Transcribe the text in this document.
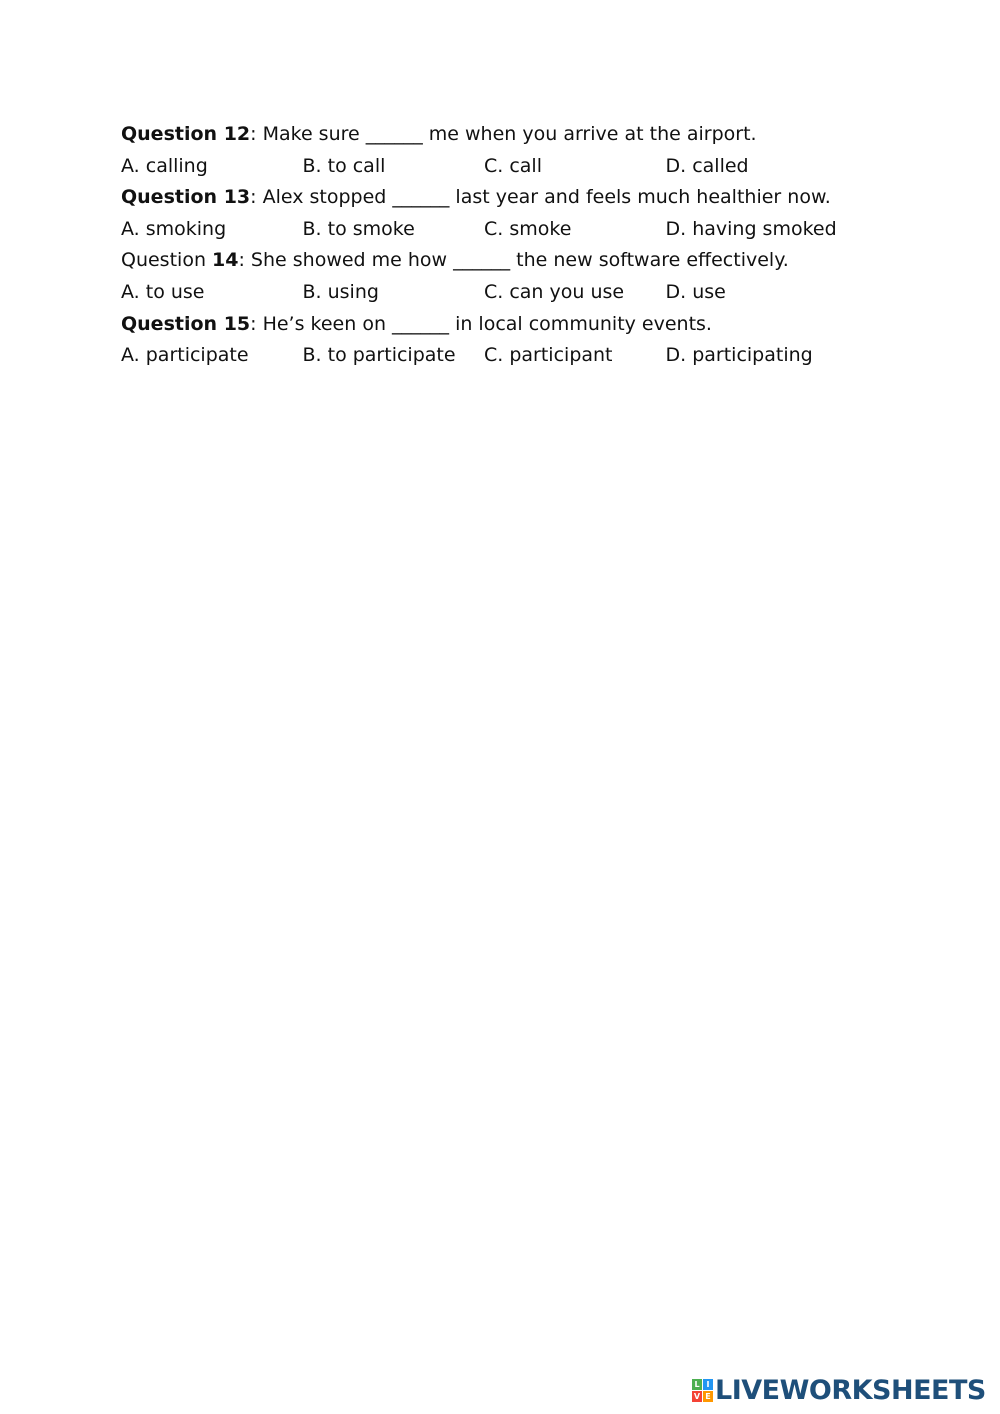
Question 12: Make sure ______ me when you arrive at the airport.
A. calling	B. to call	C. call	D. called
Question 13: Alex stopped ______ last year and feels much healthier now.
A. smoking	B. to smoke	C. smoke	D. having smoked
Question 14: She showed me how ______ the new software effectively.
A. to use	B. using	C. can you use	D. use
Question 15: He’s keen on ______ in local community events.
A. participate	B. to participate	C. participant	D. participating
L I
V E LIVEWORKSHEETS
